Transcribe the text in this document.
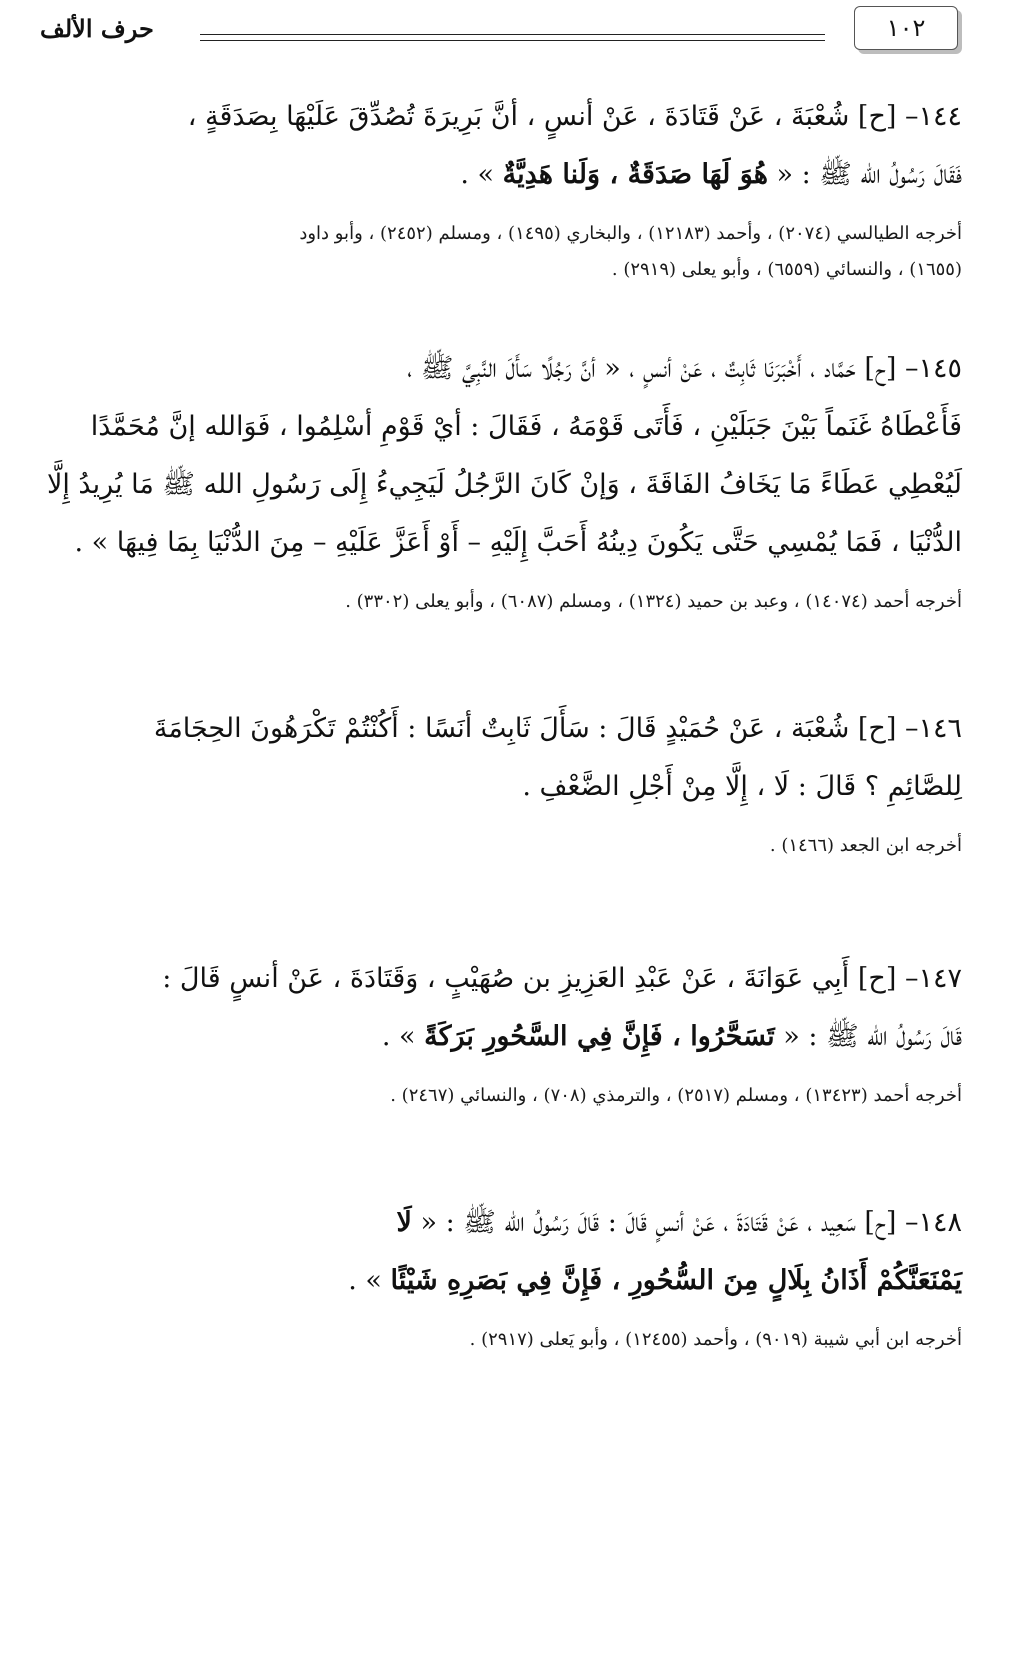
حرف الألف	١٠٢

١٤٤– [ح] شُعْبَةَ ، عَنْ قَتَادَةَ ، عَنْ أنسٍ ، أنَّ بَرِيرَةَ تُصُدِّقَ عَلَيْهَا بِصَدَقَةٍ ،
فَقَالَ رَسُولُ الله ﷺ : « هُوَ لَهَا صَدَقَةٌ ، وَلَنا هَدِيَّةٌ » .

أخرجه الطيالسي (٢٠٧٤) ، وأحمد (١٢١٨٣) ، والبخاري (١٤٩٥) ، ومسلم (٢٤٥٢) ، وأبو داود
(١٦٥٥) ، والنسائي (٦٥٥٩) ، وأبو يعلى (٢٩١٩) .

١٤٥– [ح] حَمَّاد ، أَخْبَرَنَا ثَابِتٌ ، عَنْ أنسٍ ، « أنَّ رَجُلًا سَأَلَ النَّبِيَّ ﷺ ،
فَأَعْطَاهُ غَنَماً بَيْنَ جَبَلَيْنِ ، فَأَتَى قَوْمَهُ ، فَقَالَ : أيْ قَوْمِ أسْلِمُوا ، فَوَالله إنَّ مُحَمَّدًا
لَيُعْطِي عَطَاءً مَا يَخَافُ الفَاقَةَ ، وَإنْ كَانَ الرَّجُلُ لَيَجِيءُ إِلَى رَسُولِ الله ﷺ مَا يُرِيدُ إِلَّا
الدُّنْيَا ، فَمَا يُمْسِي حَتَّى يَكُونَ دِينُهُ أَحَبَّ إِلَيْهِ – أَوْ أَعَزَّ عَلَيْهِ – مِنَ الدُّنْيَا بِمَا فِيهَا » .

أخرجه أحمد (١٤٠٧٤) ، وعبد بن حميد (١٣٢٤) ، ومسلم (٦٠٨٧) ، وأبو يعلى (٣٣٠٢) .

١٤٦– [ح] شُعْبَة ، عَنْ حُمَيْدٍ قَالَ : سَأَلَ ثَابِتٌ أنَسًا : أَكُنْتُمْ تَكْرَهُونَ الحِجَامَةَ
لِلصَّائِمِ ؟ قَالَ : لَا ، إِلَّا مِنْ أَجْلِ الضَّعْفِ .

أخرجه ابن الجعد (١٤٦٦) .

١٤٧– [ح] أَبِي عَوَانَةَ ، عَنْ عَبْدِ العَزِيزِ بن صُهَيْبٍ ، وَقَتَادَةَ ، عَنْ أنسٍ قَالَ :
قَالَ رَسُولُ الله ﷺ : « تَسَحَّرُوا ، فَإِنَّ فِي السَّحُورِ بَرَكَةً » .

أخرجه أحمد (١٣٤٢٣) ، ومسلم (٢٥١٧) ، والترمذي (٧٠٨) ، والنسائي (٢٤٦٧) .

١٤٨– [ح] سَعِيد ، عَنْ قَتَادَةَ ، عَنْ أنسٍ قَالَ : قَالَ رَسُولُ الله ﷺ : « لَا
يَمْنَعَنَّكُمْ أَذَانُ بِلَالٍ مِنَ السُّحُورِ ، فَإِنَّ فِي بَصَرِهِ شَيْئًا » .

أخرجه ابن أبي شيبة (٩٠١٩) ، وأحمد (١٢٤٥٥) ، وأبو يَعلى (٢٩١٧) .
